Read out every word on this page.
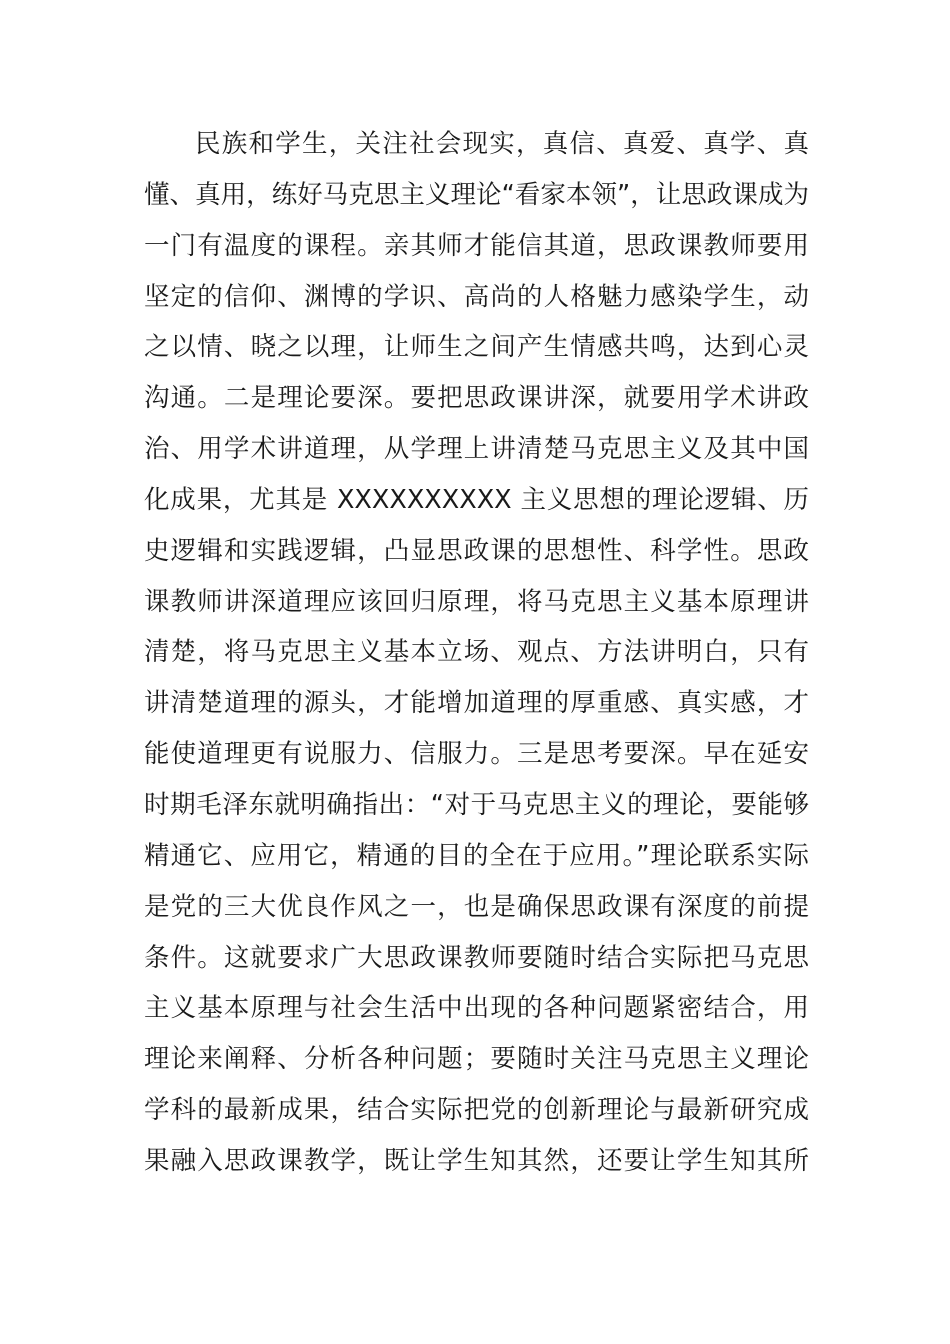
民族和学生，关注社会现实，真信、真爱、真学、真
懂、真用，练好马克思主义理论“看家本领”，让思政课成为
一门有温度的课程。亲其师才能信其道，思政课教师要用
坚定的信仰、渊博的学识、高尚的人格魅力感染学生，动
之以情、晓之以理，让师生之间产生情感共鸣，达到心灵
沟通。二是理论要深。要把思政课讲深，就要用学术讲政
治、用学术讲道理，从学理上讲清楚马克思主义及其中国
化成果，尤其是 XXXXXXXXXX 主义思想的理论逻辑、历
史逻辑和实践逻辑，凸显思政课的思想性、科学性。思政
课教师讲深道理应该回归原理，将马克思主义基本原理讲
清楚，将马克思主义基本立场、观点、方法讲明白，只有
讲清楚道理的源头，才能增加道理的厚重感、真实感，才
能使道理更有说服力、信服力。三是思考要深。早在延安
时期毛泽东就明确指出：“对于马克思主义的理论，要能够
精通它、应用它，精通的目的全在于应用。”理论联系实际
是党的三大优良作风之一，也是确保思政课有深度的前提
条件。这就要求广大思政课教师要随时结合实际把马克思
主义基本原理与社会生活中出现的各种问题紧密结合，用
理论来阐释、分析各种问题；要随时关注马克思主义理论
学科的最新成果，结合实际把党的创新理论与最新研究成
果融入思政课教学，既让学生知其然，还要让学生知其所
